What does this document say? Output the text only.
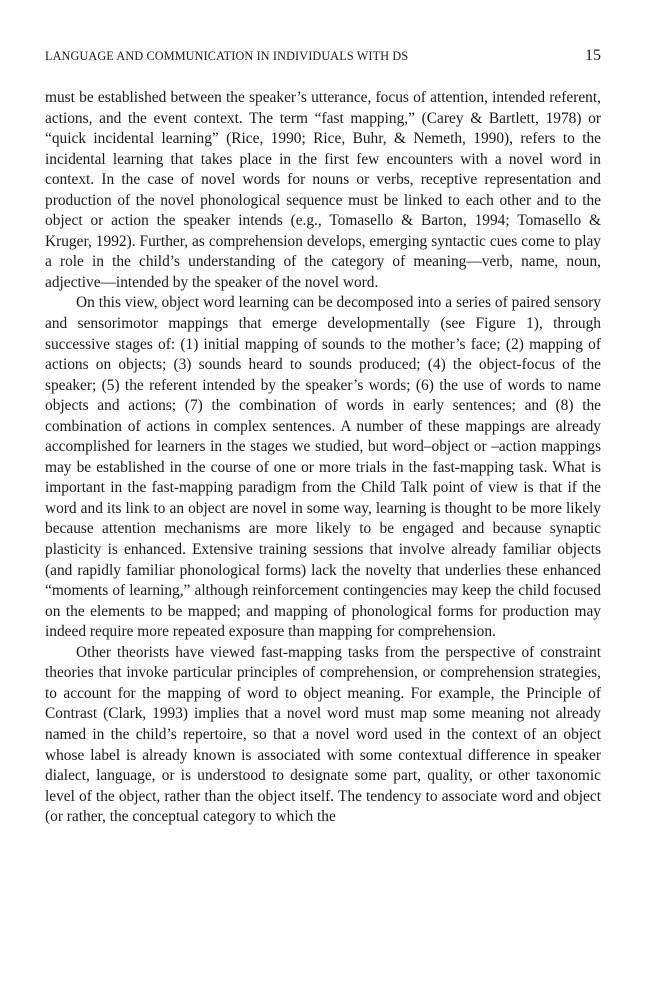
LANGUAGE AND COMMUNICATION IN INDIVIDUALS WITH DS	15

must be established between the speaker’s utterance, focus of attention, intended referent, actions, and the event context. The term “fast mapping,” (Carey & Bartlett, 1978) or “quick incidental learning” (Rice, 1990; Rice, Buhr, & Nemeth, 1990), refers to the incidental learning that takes place in the first few encounters with a novel word in context. In the case of novel words for nouns or verbs, receptive representation and production of the novel phonological sequence must be linked to each other and to the object or action the speaker intends (e.g., Tomasello & Barton, 1994; Tomasello & Kruger, 1992). Further, as comprehension develops, emerging syntactic cues come to play a role in the child’s understanding of the category of meaning—verb, name, noun, adjective—intended by the speaker of the novel word.

On this view, object word learning can be decomposed into a series of paired sensory and sensorimotor mappings that emerge developmentally (see Figure 1), through successive stages of: (1) initial mapping of sounds to the mother’s face; (2) mapping of actions on objects; (3) sounds heard to sounds produced; (4) the object-focus of the speaker; (5) the referent intended by the speaker’s words; (6) the use of words to name objects and actions; (7) the combination of words in early sentences; and (8) the combination of actions in complex sentences. A number of these mappings are already accomplished for learners in the stages we studied, but word–object or –action mappings may be established in the course of one or more trials in the fast-mapping task. What is important in the fast-mapping paradigm from the Child Talk point of view is that if the word and its link to an object are novel in some way, learning is thought to be more likely because attention mechanisms are more likely to be engaged and because synaptic plasticity is enhanced. Extensive training sessions that involve already familiar objects (and rapidly familiar phonological forms) lack the novelty that underlies these enhanced “moments of learning,” although reinforcement contingencies may keep the child focused on the elements to be mapped; and mapping of phonological forms for production may indeed require more repeated exposure than mapping for comprehension.

Other theorists have viewed fast-mapping tasks from the perspective of constraint theories that invoke particular principles of comprehension, or comprehension strategies, to account for the mapping of word to object meaning. For example, the Principle of Contrast (Clark, 1993) implies that a novel word must map some meaning not already named in the child’s repertoire, so that a novel word used in the context of an object whose label is already known is associated with some contextual difference in speaker dialect, language, or is understood to designate some part, quality, or other taxonomic level of the object, rather than the object itself. The tendency to associate word and object (or rather, the conceptual category to which the
